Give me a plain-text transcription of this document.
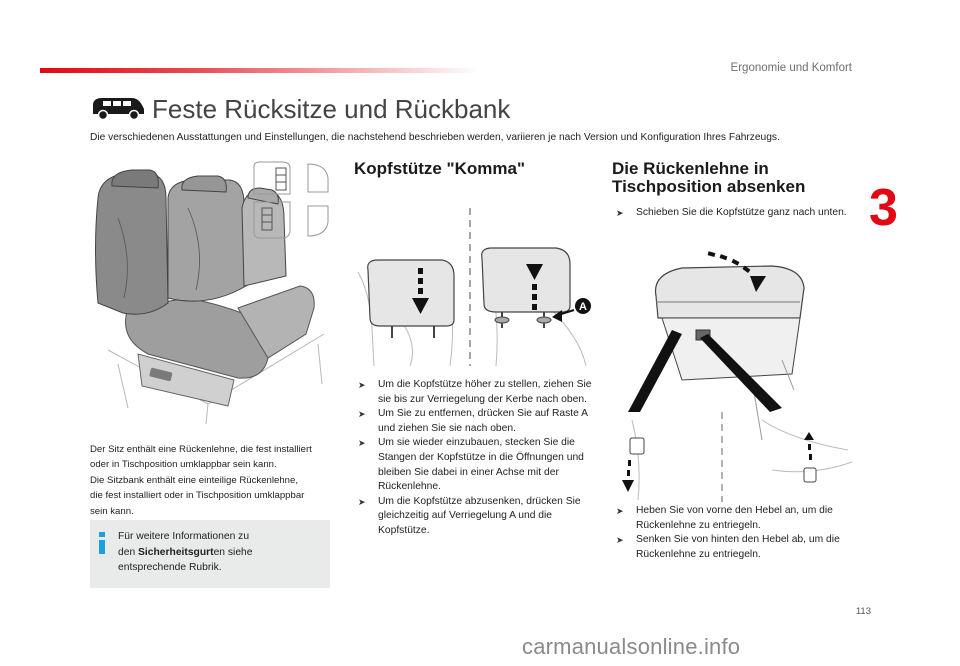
Ergonomie und Komfort
3
Feste Rücksitze und Rückbank
Die verschiedenen Ausstattungen und Einstellungen, die nachstehend beschrieben werden, variieren je nach Version und Konfiguration Ihres Fahrzeugs.
Der Sitz enthält eine Rückenlehne, die fest installiert
oder in Tischposition umklappbar sein kann.
Die Sitzbank enthält eine einteilige Rückenlehne,
die fest installiert oder in Tischposition umklappbar
sein kann.
Für weitere Informationen zu
den Sicherheitsgurten siehe
entsprechende Rubrik.
Kopfstütze "Komma"
A
➤ Um die Kopfstütze höher zu stellen, ziehen Sie sie bis zur Verriegelung der Kerbe nach oben.
➤ Um Sie zu entfernen, drücken Sie auf Raste A und ziehen Sie sie nach oben.
➤ Um sie wieder einzubauen, stecken Sie die Stangen der Kopfstütze in die Öffnungen und bleiben Sie dabei in einer Achse mit der Rückenlehne.
➤ Um die Kopfstütze abzusenken, drücken Sie gleichzeitig auf Verriegelung A und die Kopfstütze.
Die Rückenlehne in
Tischposition absenken
➤ Schieben Sie die Kopfstütze ganz nach unten.
➤ Heben Sie von vorne den Hebel an, um die Rückenlehne zu entriegeln.
➤ Senken Sie von hinten den Hebel ab, um die Rückenlehne zu entriegeln.
113
carmanualsonline.info
